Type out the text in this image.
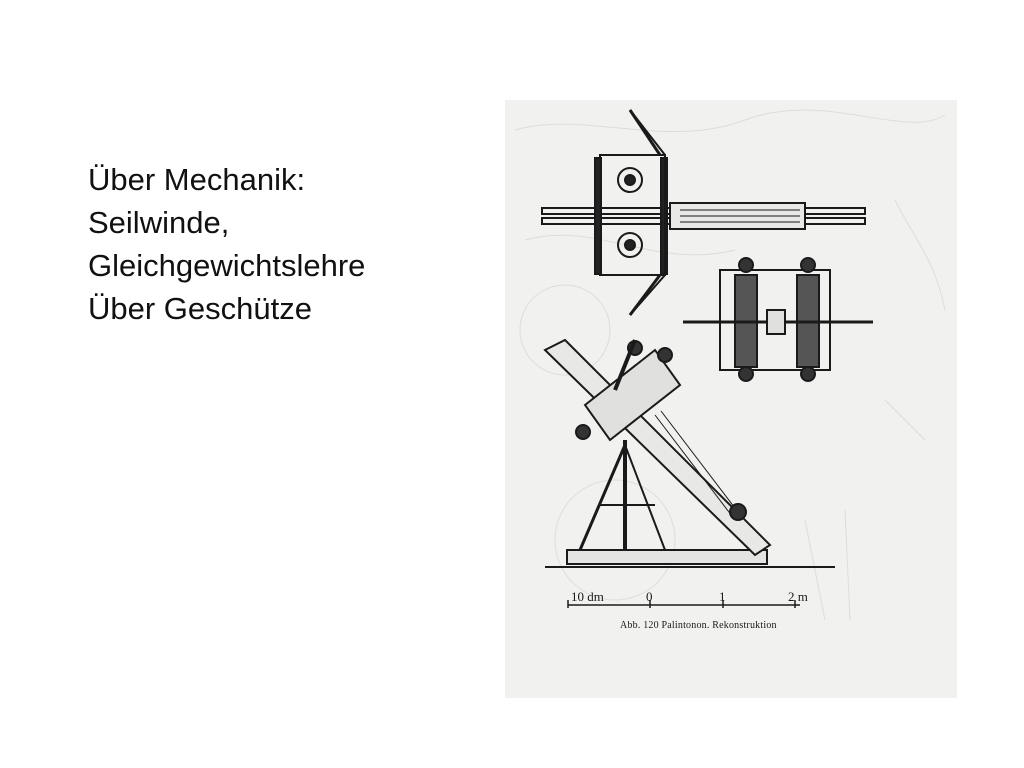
Über Mechanik:
Seilwinde,
Gleichgewichtslehre
Über Geschütze
10 dm	0	1	2 m
Abb. 120 Palintonon. Rekonstruktion
